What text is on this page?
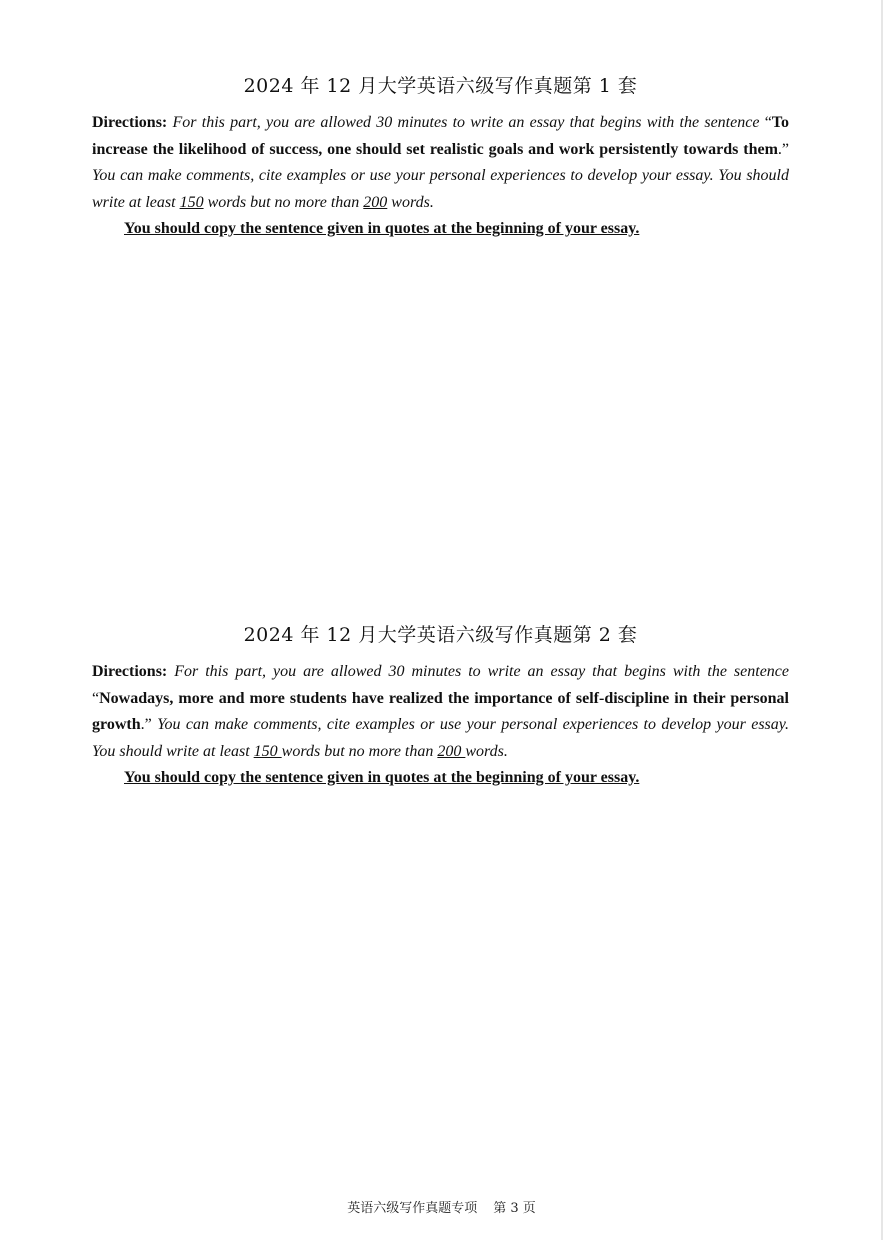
2024 年 12 月大学英语六级写作真题第 1 套

Directions: For this part, you are allowed 30 minutes to write an essay that begins with the sentence “To increase the likelihood of success, one should set realistic goals and work persistently towards them.” You can make comments, cite examples or use your personal experiences to develop your essay. You should write at least 150 words but no more than 200 words.

You should copy the sentence given in quotes at the beginning of your essay.

2024 年 12 月大学英语六级写作真题第 2 套

Directions: For this part, you are allowed 30 minutes to write an essay that begins with the sentence “Nowadays, more and more students have realized the importance of self-discipline in their personal growth.” You can make comments, cite examples or use your personal experiences to develop your essay. You should write at least 150 words but no more than 200 words.

You should copy the sentence given in quotes at the beginning of your essay.

英语六级写作真题专项 第 3 页
